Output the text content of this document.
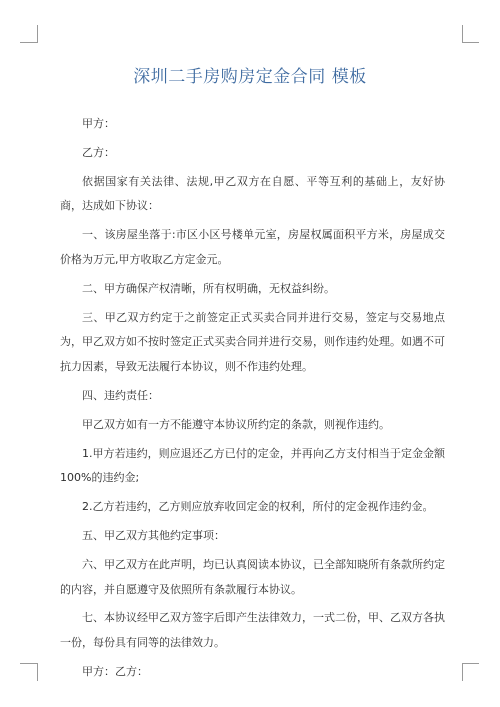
深圳二手房购房定金合同 模板

甲方：

乙方：

依据国家有关法律、法规,甲乙双方在自愿、平等互利的基础上，友好协商，达成如下协议：

一、该房屋坐落于:市区小区号楼单元室，房屋权属面积平方米，房屋成交价格为万元,甲方收取乙方定金元。

二、甲方确保产权清晰，所有权明确，无权益纠纷。

三、甲乙双方约定于之前签定正式买卖合同并进行交易，签定与交易地点为，甲乙双方如不按时签定正式买卖合同并进行交易，则作违约处理。如遇不可抗力因素，导致无法履行本协议，则不作违约处理。

四、违约责任：

甲乙双方如有一方不能遵守本协议所约定的条款，则视作违约。

1.甲方若违约，则应退还乙方已付的定金，并再向乙方支付相当于定金金额100%的违约金;

2.乙方若违约，乙方则应放弃收回定金的权利，所付的定金视作违约金。

五、甲乙双方其他约定事项：

六、甲乙双方在此声明，均已认真阅读本协议，已全部知晓所有条款所约定的内容，并自愿遵守及依照所有条款履行本协议。

七、本协议经甲乙双方签字后即产生法律效力，一式二份，甲、乙双方各执一份，每份具有同等的法律效力。

甲方：乙方：
